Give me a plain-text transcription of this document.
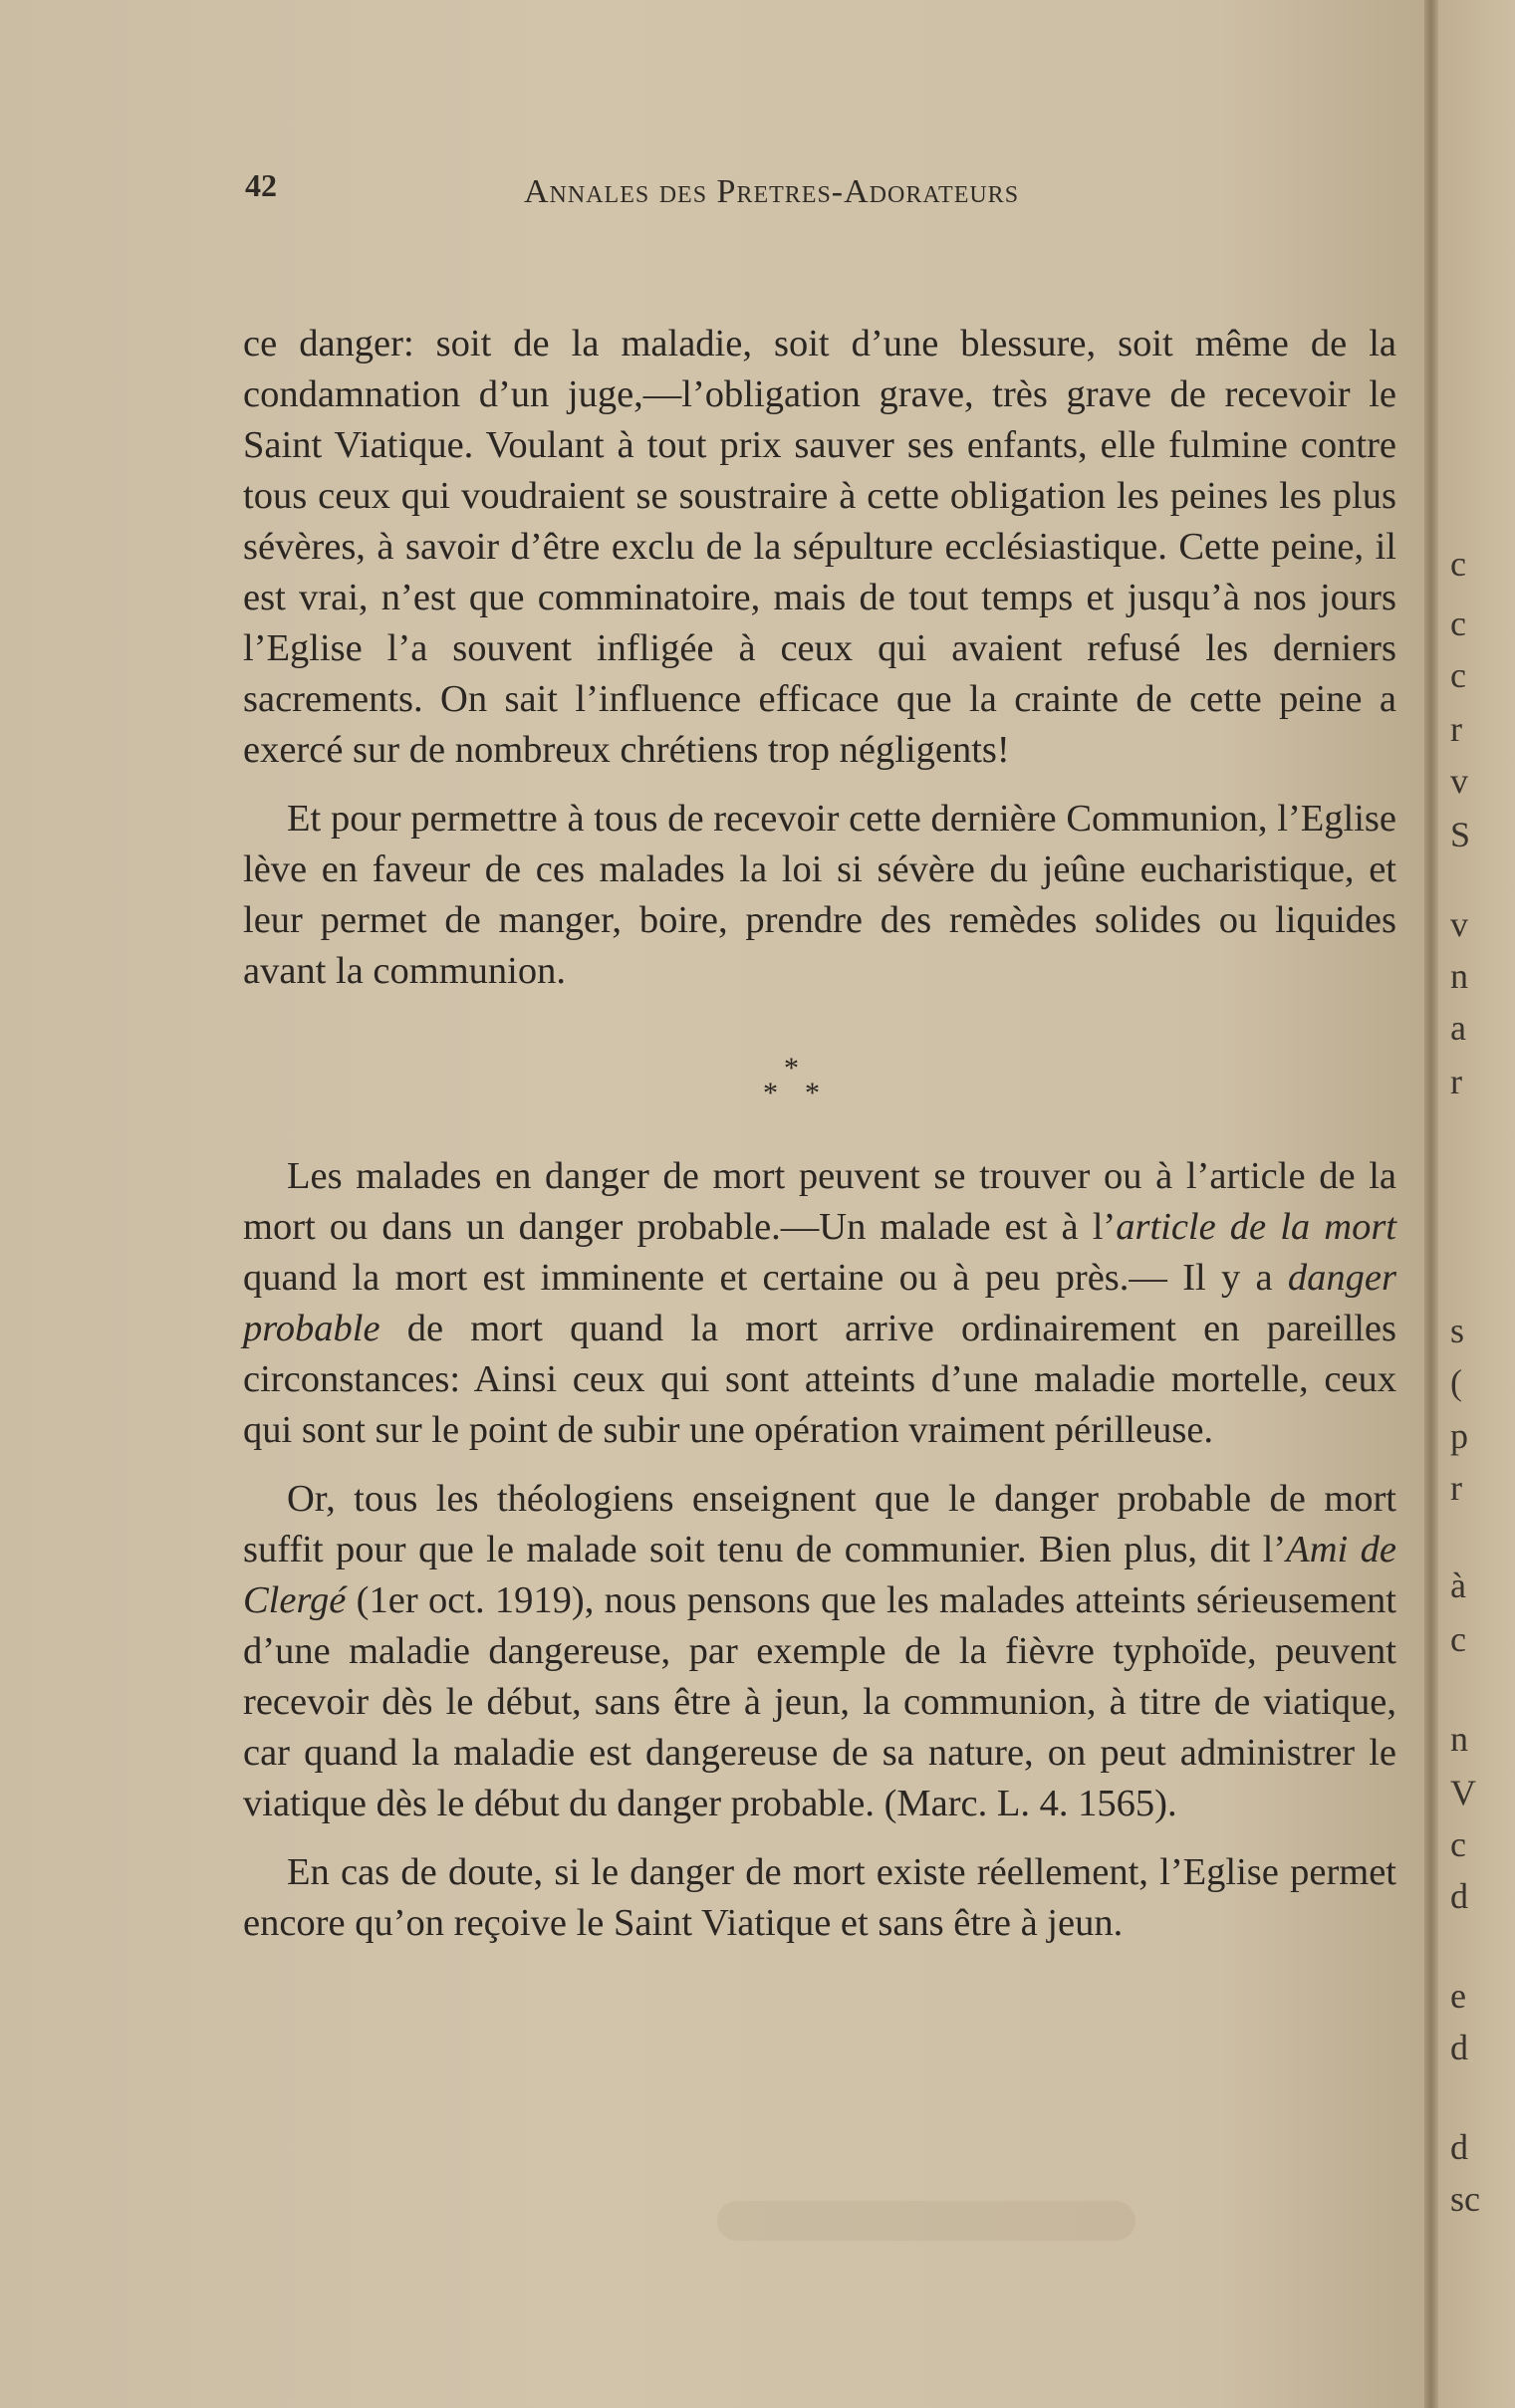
42	Annales des Pretres-Adorateurs

ce danger: soit de la maladie, soit d’une blessure, soit même de la condamnation d’un juge,—l’obligation grave, très grave de recevoir le Saint Viatique. Voulant à tout prix sauver ses enfants, elle fulmine contre tous ceux qui voudraient se soustraire à cette obligation les peines les plus sévères, à savoir d’être exclu de la sépulture ecclésiastique. Cette peine, il est vrai, n’est que comminatoire, mais de tout temps et jusqu’à nos jours l’Eglise l’a souvent infligée à ceux qui avaient refusé les derniers sacrements. On sait l’influence efficace que la crainte de cette peine a exercé sur de nombreux chrétiens trop négligents!

Et pour permettre à tous de recevoir cette dernière Communion, l’Eglise lève en faveur de ces malades la loi si sévère du jeûne eucharistique, et leur permet de manger, boire, prendre des remèdes solides ou liquides avant la communion.

*
* *

Les malades en danger de mort peuvent se trouver ou à l’article de la mort ou dans un danger probable.—Un malade est à l’article de la mort quand la mort est imminente et certaine ou à peu près.— Il y a danger probable de mort quand la mort arrive ordinairement en pareilles circonstances: Ainsi ceux qui sont atteints d’une maladie mortelle, ceux qui sont sur le point de subir une opération vraiment périlleuse.

Or, tous les théologiens enseignent que le danger probable de mort suffit pour que le malade soit tenu de communier. Bien plus, dit l’Ami de Clergé (1er oct. 1919), nous pensons que les malades atteints sérieusement d’une maladie dangereuse, par exemple de la fièvre typhoïde, peuvent recevoir dès le début, sans être à jeun, la communion, à titre de viatique, car quand la maladie est dangereuse de sa nature, on peut administrer le viatique dès le début du danger probable. (Marc. L. 4. 1565).

En cas de doute, si le danger de mort existe réellement, l’Eglise permet encore qu’on reçoive le Saint Viatique et sans être à jeun.

c
c
c
r
v
S
v
n
a
r
s
(
p
r
à
c
n
V
c
d
e
d
d
sc
